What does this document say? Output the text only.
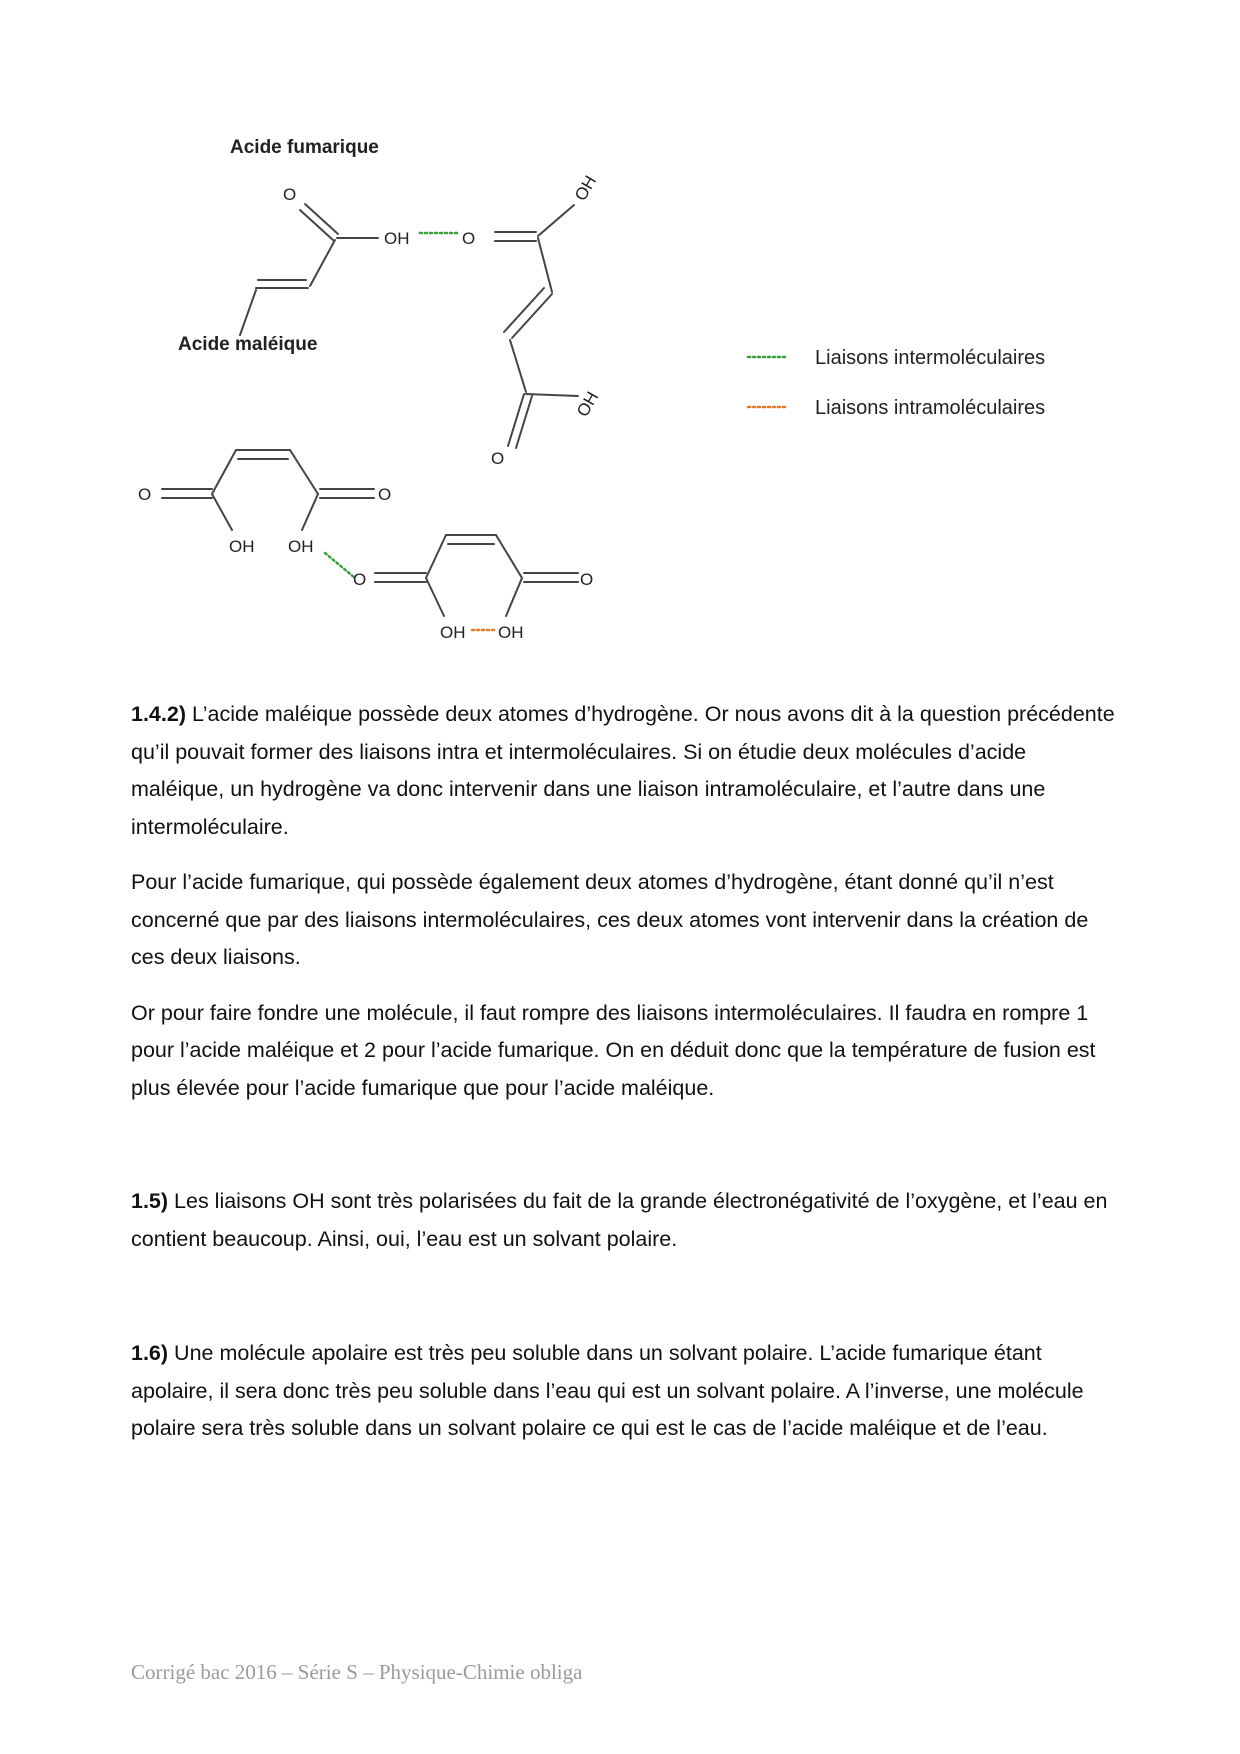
O
OH	O
OH
OH
O
O	O
OH OH
O	O
OH OH
Acide fumarique
Acide maléique
Liaisons intermoléculaires
Liaisons intramoléculaires

1.4.2) L’acide maléique possède deux atomes d’hydrogène. Or nous avons dit à la question précédente qu’il pouvait former des liaisons intra et intermoléculaires. Si on étudie deux molécules d’acide maléique, un hydrogène va donc intervenir dans une liaison intramoléculaire, et l’autre dans une intermoléculaire.

Pour l’acide fumarique, qui possède également deux atomes d’hydrogène, étant donné qu’il n’est concerné que par des liaisons intermoléculaires, ces deux atomes vont intervenir dans la création de ces deux liaisons.

Or pour faire fondre une molécule, il faut rompre des liaisons intermoléculaires. Il faudra en rompre 1 pour l’acide maléique et 2 pour l’acide fumarique. On en déduit donc que la température de fusion est plus élevée pour l’acide fumarique que pour l’acide maléique.

1.5) Les liaisons OH sont très polarisées du fait de la grande électronégativité de l’oxygène, et l’eau en contient beaucoup. Ainsi, oui, l’eau est un solvant polaire.

1.6) Une molécule apolaire est très peu soluble dans un solvant polaire. L’acide fumarique étant apolaire, il sera donc très peu soluble dans l’eau qui est un solvant polaire. A l’inverse, une molécule polaire sera très soluble dans un solvant polaire ce qui est le cas de l’acide maléique et de l’eau.

Corrigé bac 2016 – Série S – Physique-Chimie obliga
